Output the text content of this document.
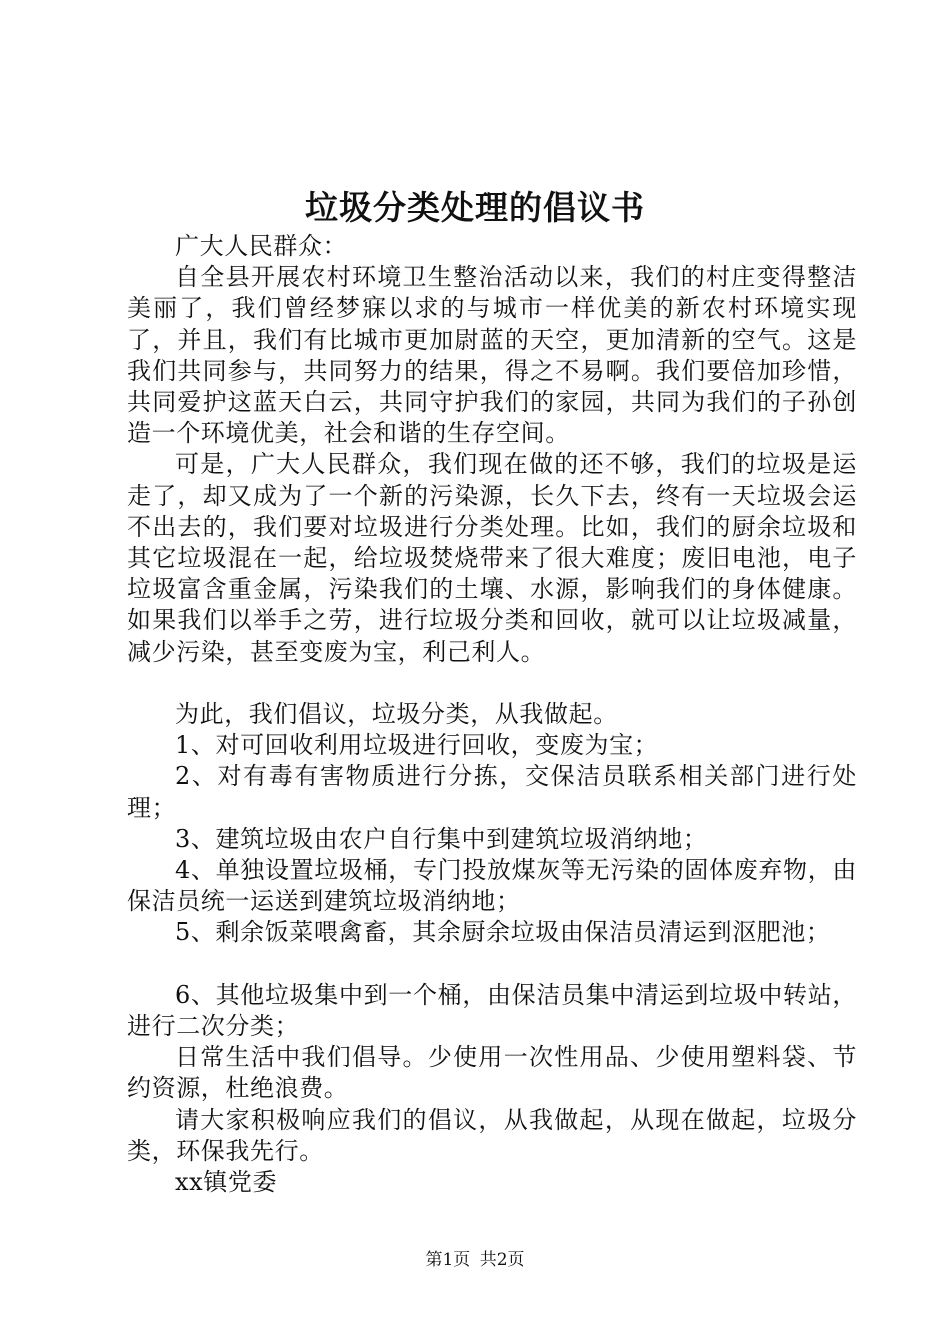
垃圾分类处理的倡议书

广大人民群众：

自全县开展农村环境卫生整治活动以来，我们的村庄变得整洁美丽了，我们曾经梦寐以求的与城市一样优美的新农村环境实现了，并且，我们有比城市更加尉蓝的天空，更加清新的空气。这是我们共同参与，共同努力的结果，得之不易啊。我们要倍加珍惜，共同爱护这蓝天白云，共同守护我们的家园，共同为我们的子孙创造一个环境优美，社会和谐的生存空间。

可是，广大人民群众，我们现在做的还不够，我们的垃圾是运走了，却又成为了一个新的污染源，长久下去，终有一天垃圾会运不出去的，我们要对垃圾进行分类处理。比如，我们的厨余垃圾和其它垃圾混在一起，给垃圾焚烧带来了很大难度；废旧电池，电子垃圾富含重金属，污染我们的土壤、水源，影响我们的身体健康。如果我们以举手之劳，进行垃圾分类和回收，就可以让垃圾减量，减少污染，甚至变废为宝，利己利人。

为此，我们倡议，垃圾分类，从我做起。

1、对可回收利用垃圾进行回收，变废为宝；

2、对有毒有害物质进行分拣，交保洁员联系相关部门进行处理；

3、建筑垃圾由农户自行集中到建筑垃圾消纳地；

4、单独设置垃圾桶，专门投放煤灰等无污染的固体废弃物，由保洁员统一运送到建筑垃圾消纳地；

5、剩余饭菜喂禽畜，其余厨余垃圾由保洁员清运到沤肥池；

6、其他垃圾集中到一个桶，由保洁员集中清运到垃圾中转站，进行二次分类；

日常生活中我们倡导。少使用一次性用品、少使用塑料袋、节约资源，杜绝浪费。

请大家积极响应我们的倡议，从我做起，从现在做起，垃圾分类，环保我先行。

xx镇党委

第1页 共2页
